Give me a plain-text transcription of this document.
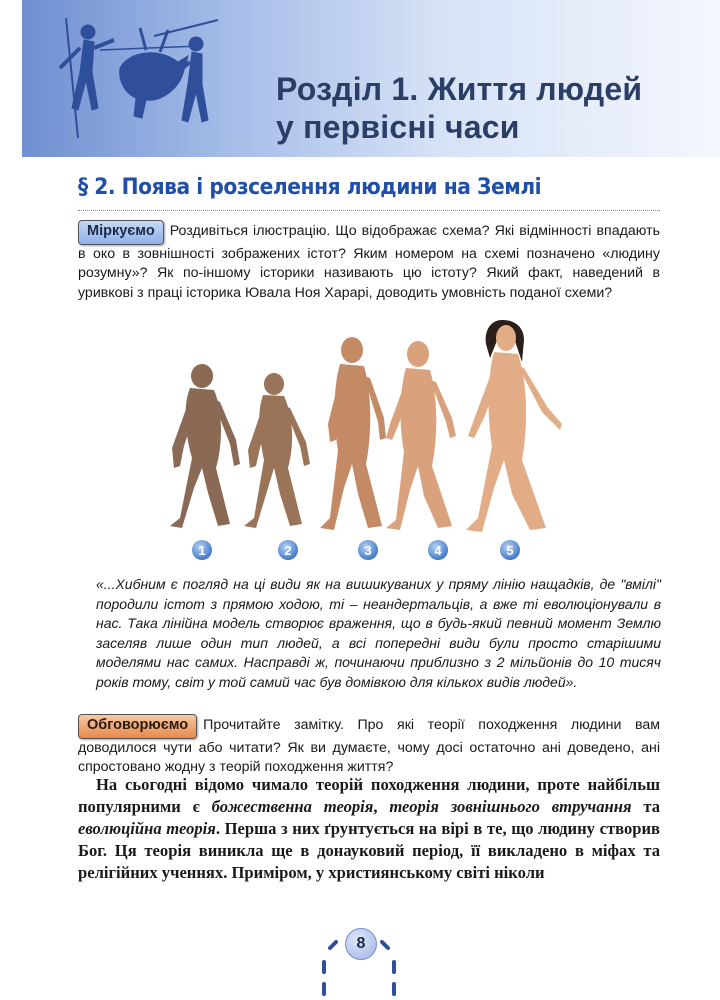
Розділ 1. Життя людей
у первісні часи
§ 2. Поява і розселення людини на Землі
Міркуємо Роздивіться ілюстрацію. Що відображає схема? Які відмінності впадають в око в зовнішності зображених істот? Яким номером на схемі позначено «людину розумну»? Як по-іншому історики називають цю істоту? Який факт, наведений в уривкові з праці історика Ювала Ноя Харарі, доводить умовність поданої схеми?
1	2	3	4	5
«...Хибним є погляд на ці види як на вишикуваних у пряму лінію нащадків, де "вмілі" породили істот з прямою ходою, ті – неандертальців, а вже ті еволюціонували в нас. Така лінійна модель створює враження, що в будь-який певний момент Землю заселяв лише один тип людей, а всі попередні види були просто старішими моделями нас самих. Насправді ж, починаючи приблизно з 2 мільйонів до 10 тисяч років тому, світ у той самий час був домівкою для кількох видів людей».
Обговорюємо Прочитайте замітку. Про які теорії походження людини вам доводилося чути або читати? Як ви думаєте, чому досі остаточно ані доведено, ані спростовано жодну з теорій походження життя?
На сьогодні відомо чимало теорій походження людини, проте найбільш популярними є божественна теорія, теорія зовнішнього втручання та еволюційна теорія. Перша з них ґрунтується на вірі в те, що людину створив Бог. Ця теорія виникла ще в донауковий період, її викладено в міфах та релігійних ученнях. Приміром, у християнському світі ніколи
8
